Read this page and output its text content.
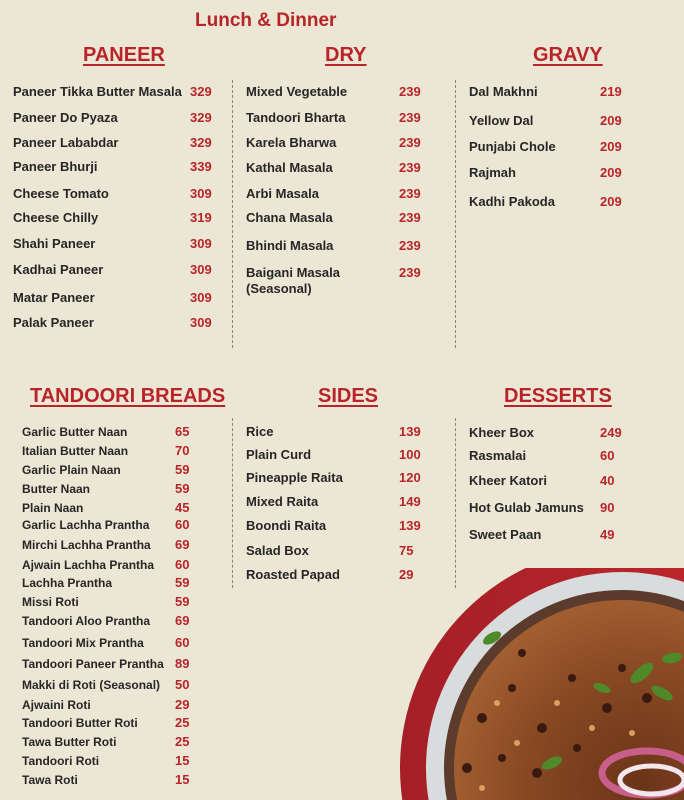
Lunch & Dinner
PANEER	DRY	GRAVY
TANDOORI BREADS	SIDES	DESSERTS
Paneer Tikka Butter Masala 329
Paneer Do Pyaza	329
Paneer Lababdar	329
Paneer Bhurji	339
Cheese Tomato	309
Cheese Chilly	319
Shahi Paneer	309
Kadhai Paneer	309
Matar Paneer	309
Palak Paneer	309
Mixed Vegetable	239
Tandoori Bharta	239
Karela Bharwa	239
Kathal Masala	239
Arbi Masala	239
Chana Masala	239
Bhindi Masala	239
Baigani Masala
(Seasonal)
239
Dal Makhni	219
Yellow Dal	209
Punjabi Chole	209
Rajmah	209
Kadhi Pakoda	209
Garlic Butter Naan	65
Italian Butter Naan	70
Garlic Plain Naan	59
Butter Naan	59
Plain Naan	45
Garlic Lachha Prantha 60
Mirchi Lachha Prantha 69
Ajwain Lachha Prantha 60
Lachha Prantha	59
Missi Roti	59
Tandoori Aloo Prantha 69
Tandoori Mix Prantha 60
Tandoori Paneer Prantha 89
Makki di Roti (Seasonal) 50
Ajwaini Roti	29
Tandoori Butter Roti	25
Tawa Butter Roti	25
Tandoori Roti	15
Tawa Roti	15
Rice	139
Plain Curd	100
Pineapple Raita	120
Mixed Raita	149
Boondi Raita	139
Salad Box	75
Roasted Papad	29
Kheer Box	249
Rasmalai	60
Kheer Katori	40
Hot Gulab Jamuns 90
Sweet Paan	49
